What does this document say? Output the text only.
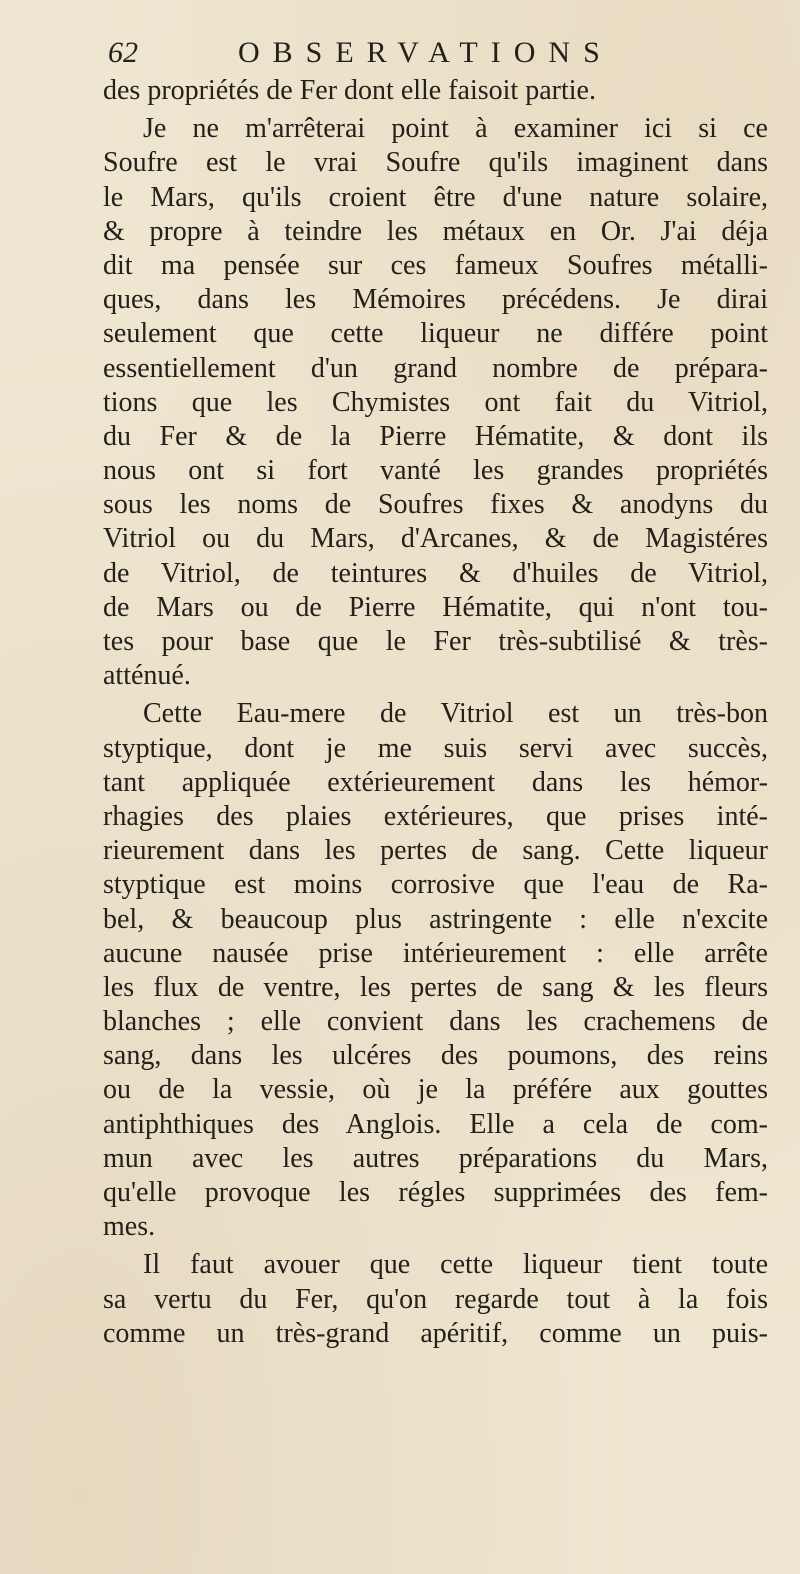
62	OBSERVATIONS
des propriétés de Fer dont elle faisoit partie.
Je ne m'arrêterai point à examiner ici si ce
Soufre est le vrai Soufre qu'ils imaginent dans
le Mars, qu'ils croient être d'une nature solaire,
& propre à teindre les métaux en Or. J'ai déja
dit ma pensée sur ces fameux Soufres métalli-
ques, dans les Mémoires précédens. Je dirai
seulement que cette liqueur ne différe point
essentiellement d'un grand nombre de prépara-
tions que les Chymistes ont fait du Vitriol,
du Fer & de la Pierre Hématite, & dont ils
nous ont si fort vanté les grandes propriétés
sous les noms de Soufres fixes & anodyns du
Vitriol ou du Mars, d'Arcanes, & de Magistéres
de Vitriol, de teintures & d'huiles de Vitriol,
de Mars ou de Pierre Hématite, qui n'ont tou-
tes pour base que le Fer très-subtilisé & très-
atténué.
Cette Eau-mere de Vitriol est un très-bon
styptique, dont je me suis servi avec succès,
tant appliquée extérieurement dans les hémor-
rhagies des plaies extérieures, que prises inté-
rieurement dans les pertes de sang. Cette liqueur
styptique est moins corrosive que l'eau de Ra-
bel, & beaucoup plus astringente : elle n'excite
aucune nausée prise intérieurement : elle arrête
les flux de ventre, les pertes de sang & les fleurs
blanches ; elle convient dans les crachemens de
sang, dans les ulcéres des poumons, des reins
ou de la vessie, où je la préfére aux gouttes
antiphthiques des Anglois. Elle a cela de com-
mun avec les autres préparations du Mars,
qu'elle provoque les régles supprimées des fem-
mes.
Il faut avouer que cette liqueur tient toute
sa vertu du Fer, qu'on regarde tout à la fois
comme un très-grand apéritif, comme un puis-
